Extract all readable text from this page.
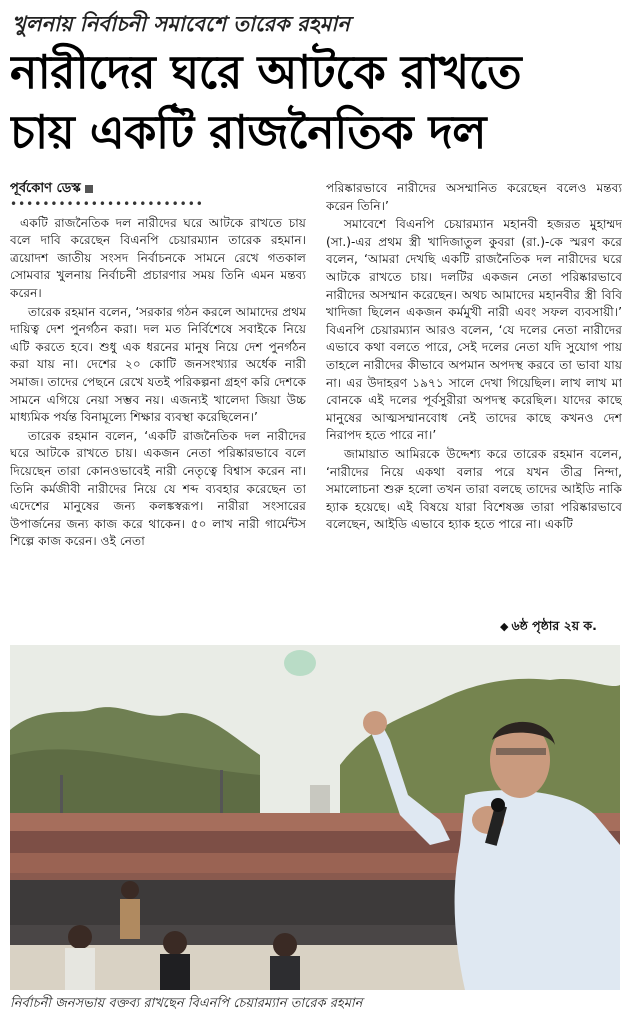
খুলনায় নির্বাচনী সমাবেশে তারেক রহমান
নারীদের ঘরে আটকে রাখতে
চায় একটি রাজনৈতিক দল
পূর্বকোণ ডেস্ক
••••••••••••••••••••••••

একটি রাজনৈতিক দল নারীদের ঘরে আটকে রাখতে চায় বলে দাবি করেছেন বিএনপি চেয়ারম্যান তারেক রহমান। ত্রয়োদশ জাতীয় সংসদ নির্বাচনকে সামনে রেখে গতকাল সোমবার খুলনায় নির্বাচনী প্রচারণার সময় তিনি এমন মন্তব্য করেন।

তারেক রহমান বলেন, ‘সরকার গঠন করলে আমাদের প্রথম দায়িত্ব দেশ পুনর্গঠন করা। দল মত নির্বিশেষে সবাইকে নিয়ে এটি করতে হবে। শুধু এক ধরনের মানুষ নিয়ে দেশ পুনর্গঠন করা যায় না। দেশের ২০ কোটি জনসংখ্যার অর্ধেক নারী সমাজ। তাদের পেছনে রেখে যতই পরিকল্পনা গ্রহণ করি দেশকে সামনে এগিয়ে নেয়া সম্ভব নয়। এজন্যই খালেদা জিয়া উচ্চ মাধ্যমিক পর্যন্ত বিনামূল্যে শিক্ষার ব্যবস্থা করেছিলেন।’

তারেক রহমান বলেন, ‘একটি রাজনৈতিক দল নারীদের ঘরে আটকে রাখতে চায়। একজন নেতা পরিষ্কারভাবে বলে দিয়েছেন তারা কোনওভাবেই নারী নেতৃত্বে বিশ্বাস করেন না। তিনি কর্মজীবী নারীদের নিয়ে যে শব্দ ব্যবহার করেছেন তা এদেশের মানুষের জন্য কলঙ্কস্বরূপ। নারীরা সংসারের উপার্জনের জন্য কাজ করে থাকেন। ৫০ লাখ নারী গার্মেন্টস শিল্পে কাজ করেন। ওই নেতা

পরিষ্কারভাবে নারীদের অসম্মানিত করেছেন বলেও মন্তব্য করেন তিনি।’

সমাবেশে বিএনপি চেয়ারম্যান মহানবী হজরত মুহাম্মদ (সা.)-এর প্রথম স্ত্রী খাদিজাতুল কুবরা (রা.)-কে স্মরণ করে বলেন, ‘আমরা দেখছি একটি রাজনৈতিক দল নারীদের ঘরে আটকে রাখতে চায়। দলটির একজন নেতা পরিষ্কারভাবে নারীদের অসম্মান করেছেন। অথচ আমাদের মহানবীর স্ত্রী বিবি খাদিজা ছিলেন একজন কর্মমুখী নারী এবং সফল ব্যবসায়ী।’ বিএনপি চেয়ারম্যান আরও বলেন, ‘যে দলের নেতা নারীদের এভাবে কথা বলতে পারে, সেই দলের নেতা যদি সুযোগ পায় তাহলে নারীদের কীভাবে অপমান অপদস্থ করবে তা ভাবা যায় না। এর উদাহরণ ১৯৭১ সালে দেখা গিয়েছিল। লাখ লাখ মা বোনকে এই দলের পূর্বসুরীরা অপদস্থ করেছিল। যাদের কাছে মানুষের আত্মসম্মানবোধ নেই তাদের কাছে কখনও দেশ নিরাপদ হতে পারে না।’

জামায়াত আমিরকে উদ্দেশ্য করে তারেক রহমান বলেন, ‘নারীদের নিয়ে একথা বলার পরে যখন তীব্র নিন্দা, সমালোচনা শুরু হলো তখন তারা বলছে তাদের আইডি নাকি হ্যাক হয়েছে। এই বিষয়ে যারা বিশেষজ্ঞ তারা পরিষ্কারভাবে বলেছেন, আইডি এভাবে হ্যাক হতে পারে না। একটি

◆ ৬ষ্ঠ পৃষ্ঠার ২য় ক.
নির্বাচনী জনসভায় বক্তব্য রাখছেন বিএনপি চেয়ারম্যান তারেক রহমান
